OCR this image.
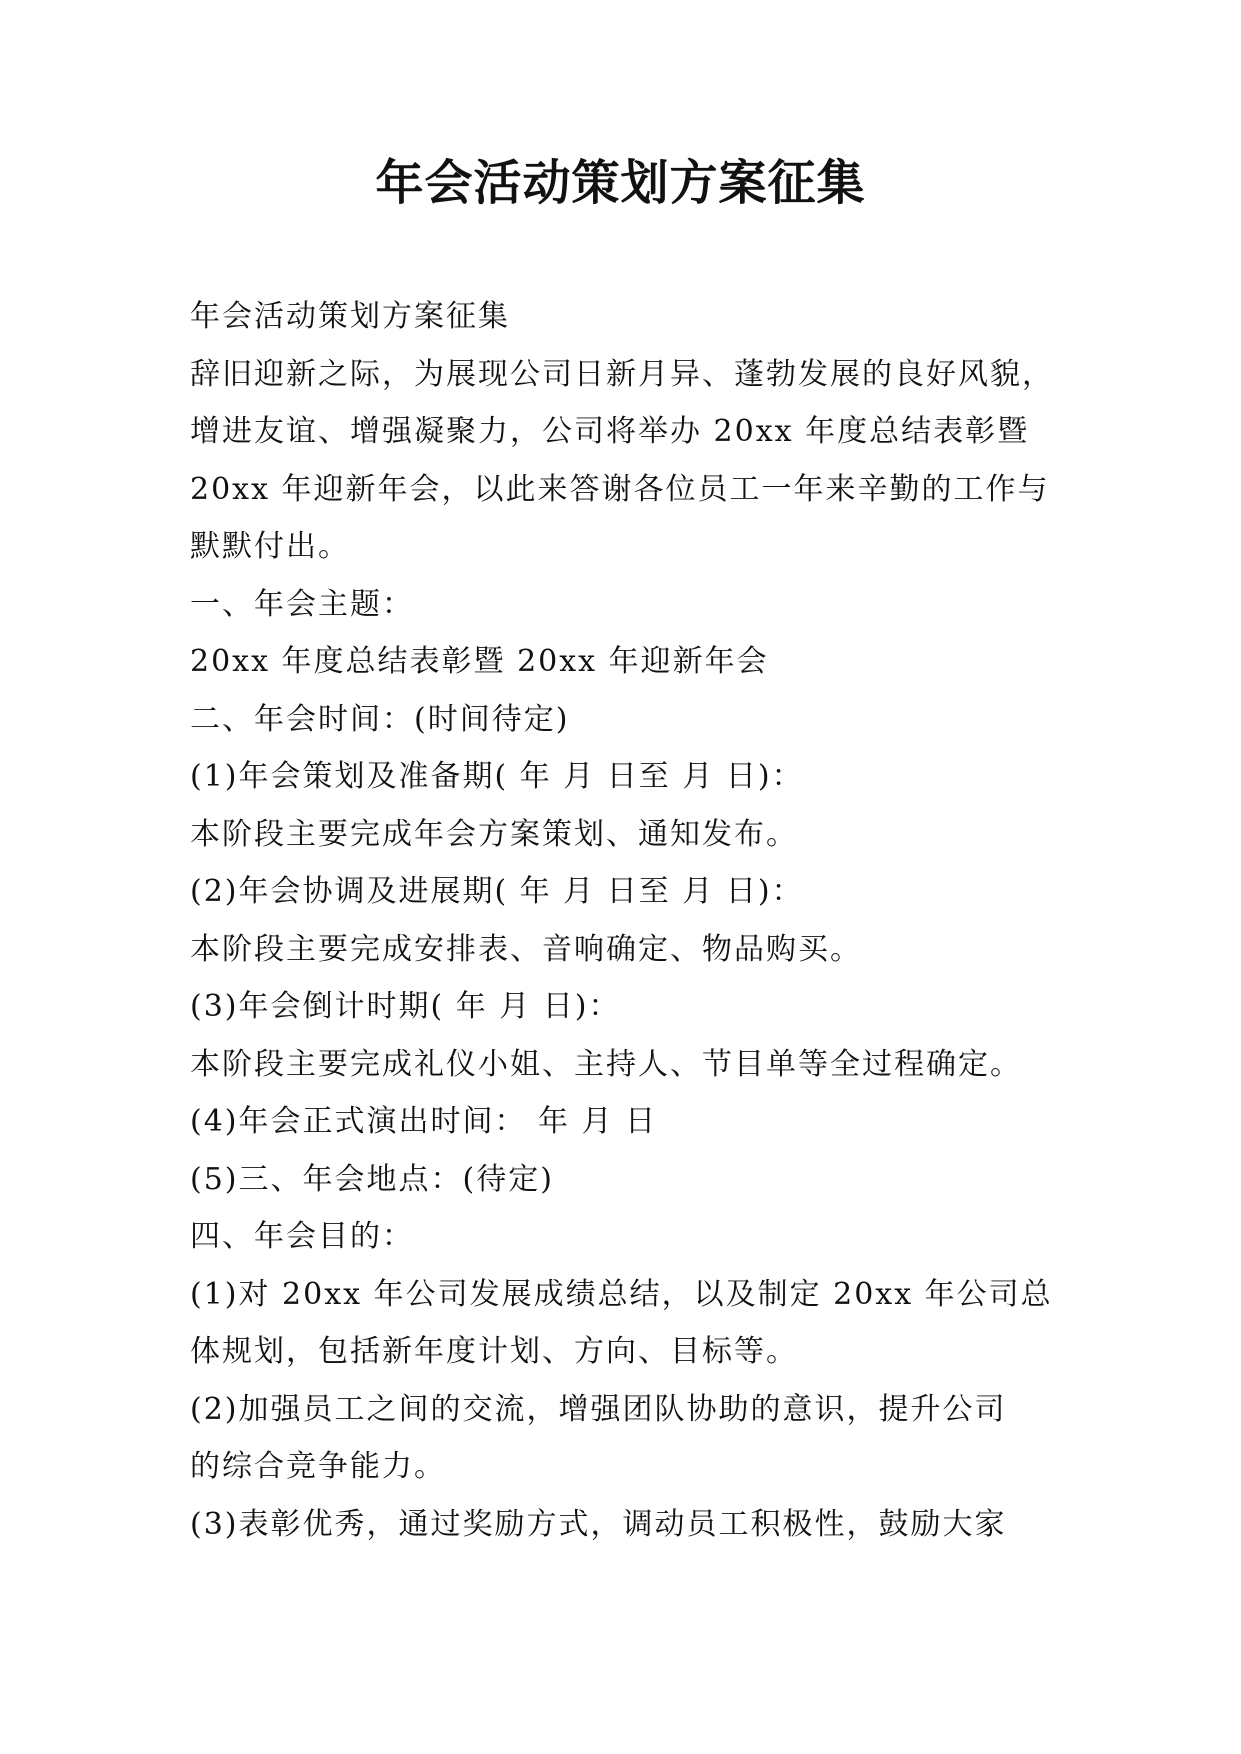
年会活动策划方案征集
年会活动策划方案征集
辞旧迎新之际，为展现公司日新月异、蓬勃发展的良好风貌，
增进友谊、增强凝聚力，公司将举办 20xx 年度总结表彰暨
20xx 年迎新年会，以此来答谢各位员工一年来辛勤的工作与
默默付出。
一、年会主题：
20xx 年度总结表彰暨 20xx 年迎新年会
二、年会时间：(时间待定)
(1)年会策划及准备期( 年 月 日至 月 日)：
本阶段主要完成年会方案策划、通知发布。
(2)年会协调及进展期( 年 月 日至 月 日)：
本阶段主要完成安排表、音响确定、物品购买。
(3)年会倒计时期( 年 月 日)：
本阶段主要完成礼仪小姐、主持人、节目单等全过程确定。
(4)年会正式演出时间： 年 月 日
(5)三、年会地点：(待定)
四、年会目的：
(1)对 20xx 年公司发展成绩总结，以及制定 20xx 年公司总
体规划，包括新年度计划、方向、目标等。
(2)加强员工之间的交流，增强团队协助的意识，提升公司
的综合竞争能力。
(3)表彰优秀，通过奖励方式，调动员工积极性，鼓励大家
